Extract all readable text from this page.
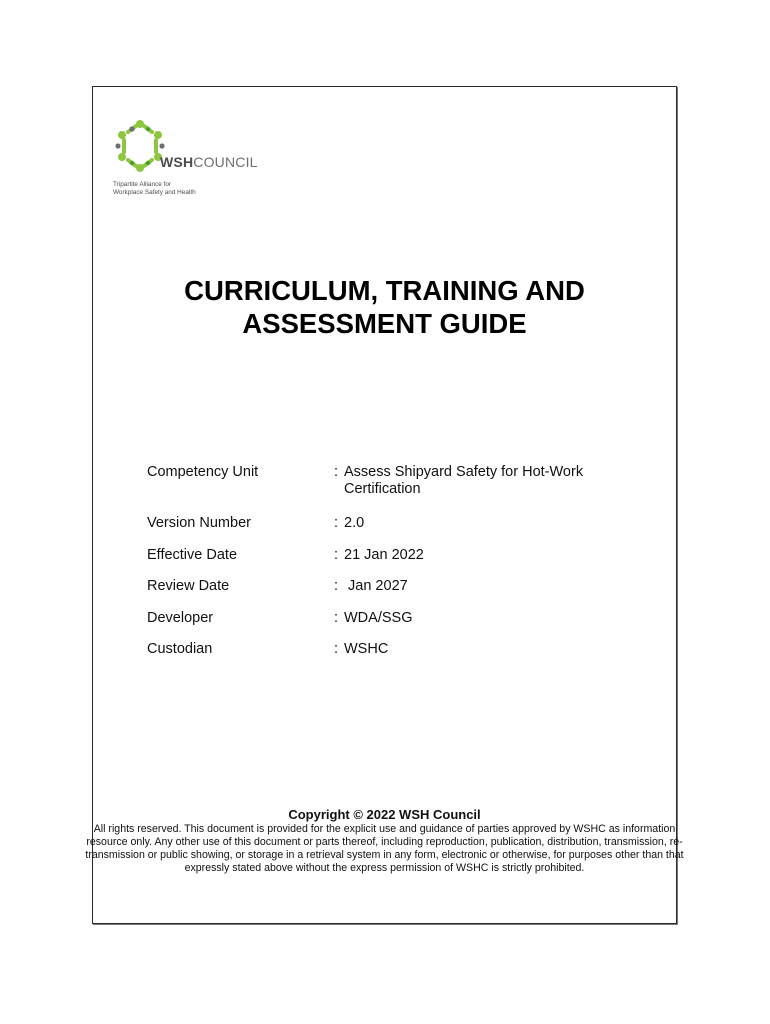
WSHCOUNCIL
Tripartite Alliance for
Workplace Safety and Health
CURRICULUM, TRAINING AND
ASSESSMENT GUIDE
Competency Unit	: Assess Shipyard Safety for Hot-Work
Certification
Version Number	: 2.0
Effective Date	: 21 Jan 2022
Review Date	: Jan 2027
Developer	: WDA/SSG
Custodian	: WSHC
Copyright © 2022 WSH Council
All rights reserved. This document is provided for the explicit use and guidance of parties approved by WSHC as information resource only. Any other use of this document or parts thereof, including reproduction, publication, distribution, transmission, re-transmission or public showing, or storage in a retrieval system in any form, electronic or otherwise, for purposes other than that expressly stated above without the express permission of WSHC is strictly prohibited.
